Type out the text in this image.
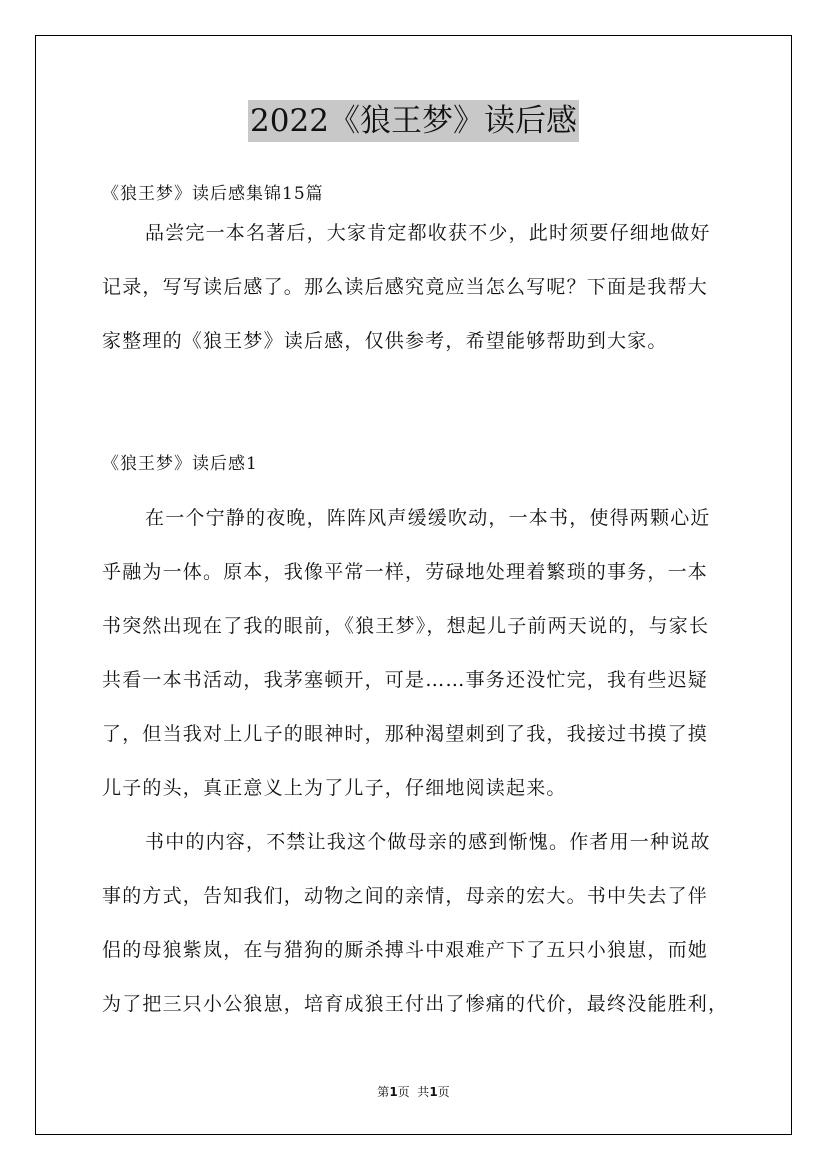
2022《狼王梦》读后感
《狼王梦》读后感集锦15篇
品尝完一本名著后，大家肯定都收获不少，此时须要仔细地做好
记录，写写读后感了。那么读后感究竟应当怎么写呢？下面是我帮大
家整理的《狼王梦》读后感，仅供参考，希望能够帮助到大家。
《狼王梦》读后感1
在一个宁静的夜晚，阵阵风声缓缓吹动，一本书，使得两颗心近
乎融为一体。原本，我像平常一样，劳碌地处理着繁琐的事务，一本
书突然出现在了我的眼前，《狼王梦》，想起儿子前两天说的，与家长
共看一本书活动，我茅塞顿开，可是……事务还没忙完，我有些迟疑
了，但当我对上儿子的眼神时，那种渴望刺到了我，我接过书摸了摸
儿子的头，真正意义上为了儿子，仔细地阅读起来。
书中的内容，不禁让我这个做母亲的感到惭愧。作者用一种说故
事的方式，告知我们，动物之间的亲情，母亲的宏大。书中失去了伴
侣的母狼紫岚，在与猎狗的厮杀搏斗中艰难产下了五只小狼崽，而她
为了把三只小公狼崽，培育成狼王付出了惨痛的代价，最终没能胜利，
第1页  共1页
